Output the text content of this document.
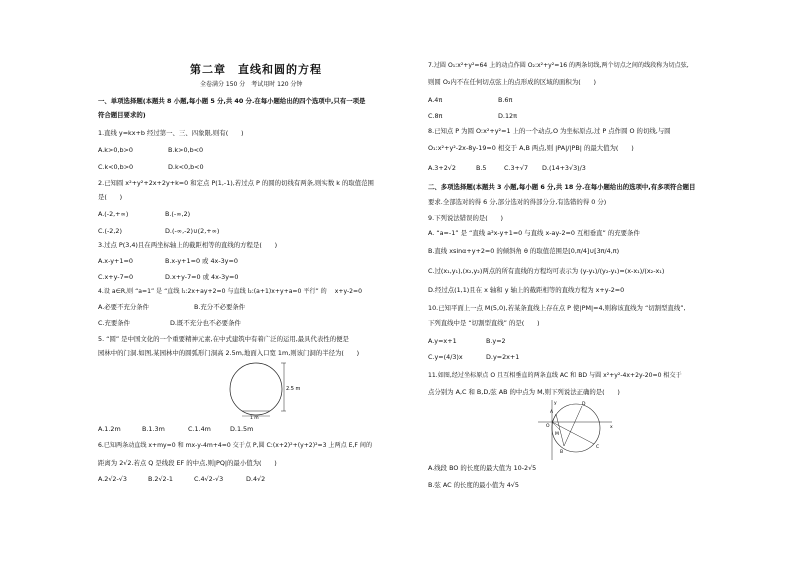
第二章　直线和圆的方程
全卷满分 150 分　考试用时 120 分钟
一、单项选择题(本题共 8 小题,每小题 5 分,共 40 分.在每小题给出的四个选项中,只有一项是
符合题目要求的)
1.直线 y=kx+b 经过第一、三、四象限,则有(　　)
A.k>0,b>0	B.k>0,b<0
C.k<0,b>0	D.k<0,b<0
2.已知圆 x²+y²+2x+2y+k=0 和定点 P(1,-1),若过点 P 的圆的切线有两条,则实数 k 的取值范围
是(　　)
A.(-2,+∞)	B.(-∞,2)
C.(-2,2)	D.(-∞,-2)∪(2,+∞)
3.过点 P(3,4)且在两坐标轴上的截距相等的直线的方程是(　　)
A.x-y+1=0	B.x-y+1=0 或 4x-3y=0
C.x+y-7=0	D.x+y-7=0 或 4x-3y=0
4.设 a∈R,则 “a=1” 是 “直线 l₁:2x+ay+2=0 与直线 l₂:(a+1)x+y+a=0 平行” 的　 x+y-2=0
A.必要不充分条件	B.充分不必要条件
C.充要条件	D.既不充分也不必要条件
5. “圆” 是中国文化的一个重要精神元素,在中式建筑中有着广泛的运用,最具代表性的便是
园林中的门洞.如图,某园林中的圆弧形门洞高 2.5m,地面入口宽 1m,则该门洞的半径为(　　)
2.5 m
1 m
A.1.2m	B.1.3m	C.1.4m	D.1.5m
6.已知两条动直线 x+my=0 和 mx-y-4m+4=0 交于点 P,圆 C:(x+2)²+(y+2)²=3 上两点 E,F 间的
距离为 2√2.若点 Q 是线段 EF 的中点,则|PQ|的最小值为(　　)
A.2√2-√3	B.2√2-1	C.4√2-√3	D.4√2
7.过圆 O₁:x²+y²=64 上的动点作圆 O₂:x²+y²=16 的两条切线,两个切点之间的线段称为切点弦,
则圆 O₂内不在任何切点弦上的点形成的区域的面积为(　　)
A.4π	B.6π
C.8π	D.12π
8.已知点 P 为圆 O:x²+y²=1 上的一个动点,O 为坐标原点,过 P 点作圆 O 的切线,与圆
O₁:x²+y²-2x-8y-19=0 相交于 A,B 两点,则 |PA|/|PB| 的最大值为(　　)
A.3+2√2	B.5	C.3+√7 D.(14+3√3)/3
二、多项选择题(本题共 3 小题,每小题 6 分,共 18 分.在每小题给出的选项中,有多项符合题目
要求.全部选对的得 6 分,部分选对的得部分分,有选错的得 0 分)
9.下列说法错误的是(　　)
A. “a=-1” 是 “直线 a²x-y+1=0 与直线 x-ay-2=0 互相垂直” 的充要条件
B.直线 xsinα+y+2=0 的倾斜角 θ 的取值范围是[0,π/4]∪[3π/4,π)
C.过(x₁,y₁),(x₂,y₂)两点的所有直线的方程均可表示为 (y-y₁)/(y₂-y₁)=(x-x₁)/(x₂-x₁)
D.经过点(1,1)且在 x 轴和 y 轴上的截距相等的直线方程为 x+y-2=0
10.已知平面上一点 M(5,0),若某条直线上存在点 P 使|PM|=4,则称该直线为 “切割型直线”,
下列直线中是 “切割型直线” 的是(　　)
A.y=x+1	B.y=2
C.y=(4/3)x	D.y=2x+1
11.如图,经过坐标原点 O 且互相垂直的两条直线 AC 和 BD 与圆 x²+y²-4x+2y-20=0 相交于
点分别为 A,C 和 B,D,弦 AB 的中点为 M,则下列说法正确的是(　　)
A
B
C
D
O
M
x
y
A.线段 BO 的长度的最大值为 10-2√5
B.弦 AC 的长度的最小值为 4√5
